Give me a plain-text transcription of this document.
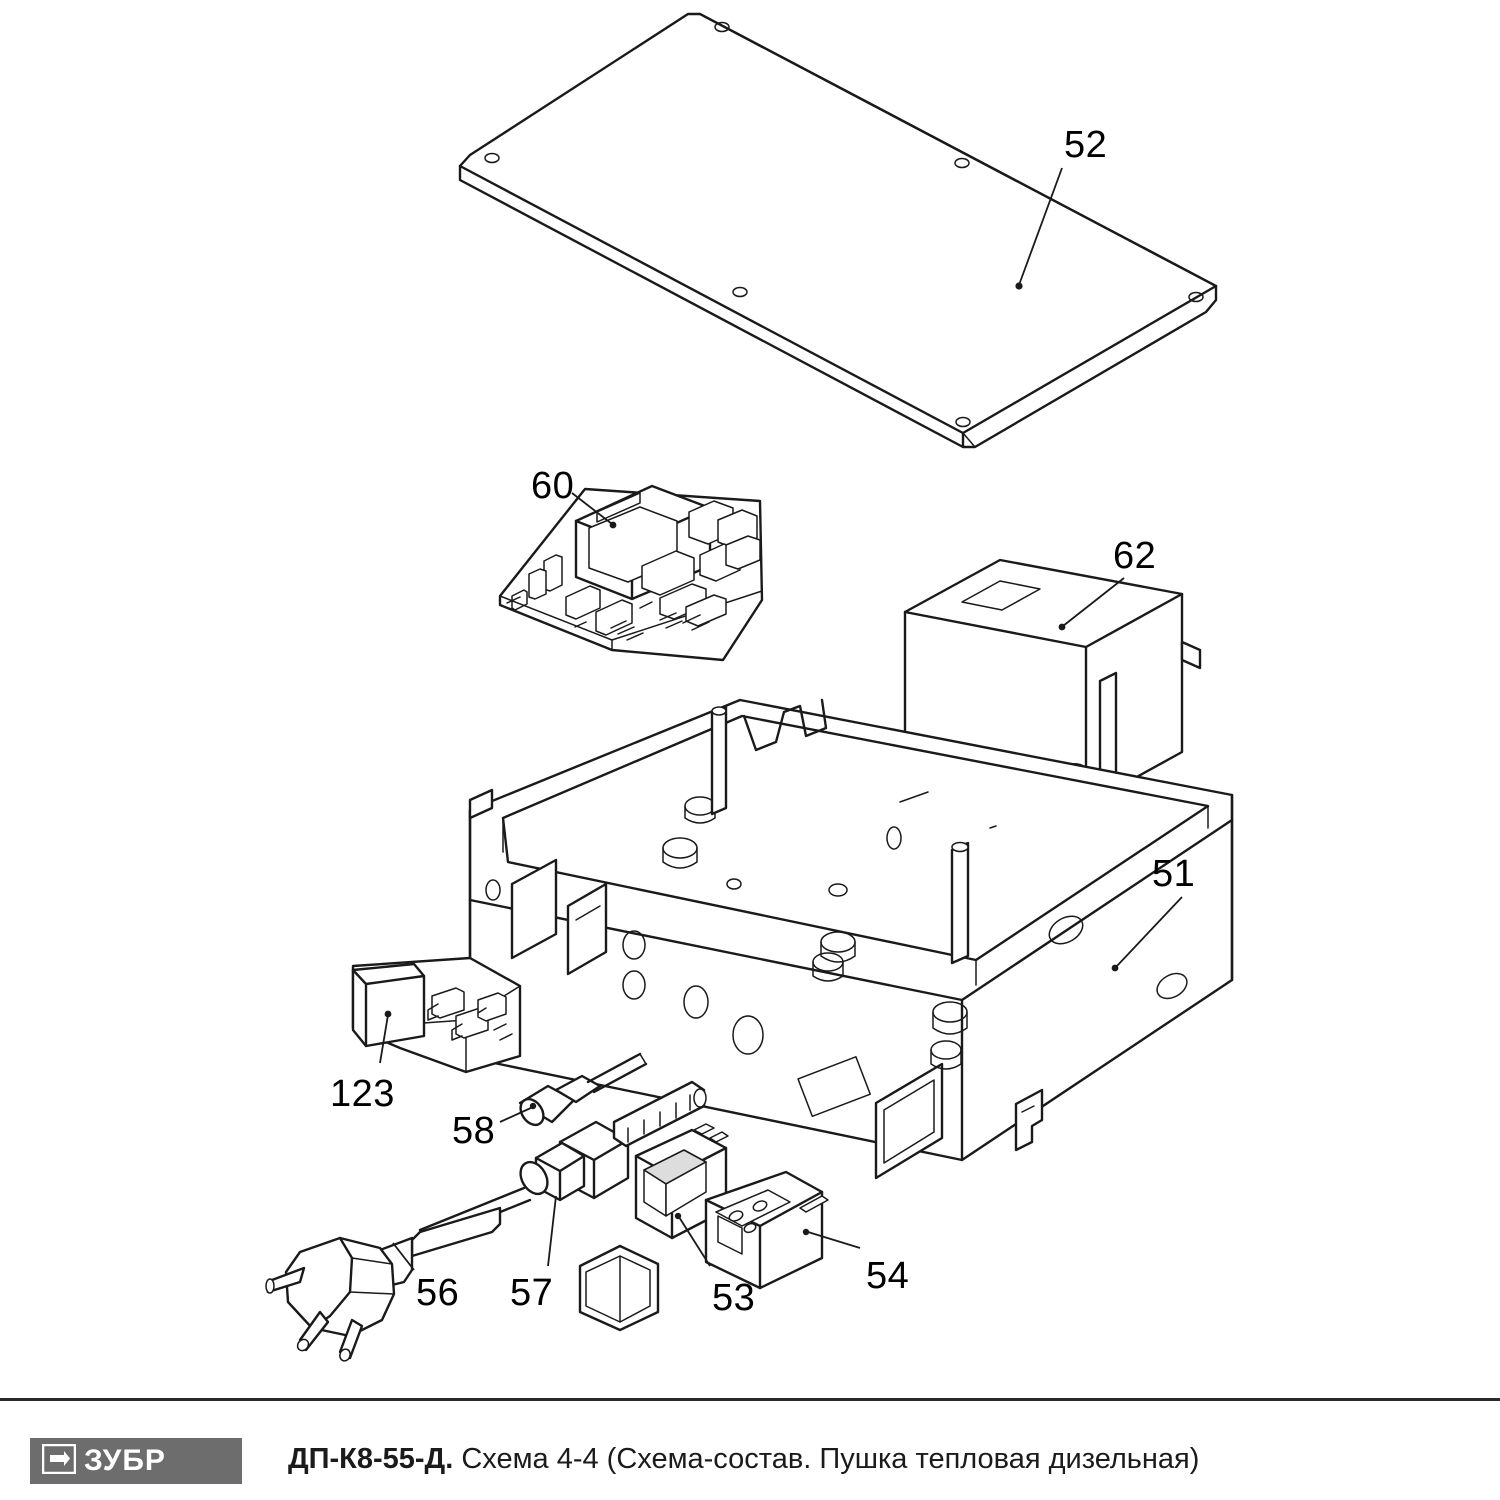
52
60
62
51
123
58
56 57	53
54
ЗУБР	ДП-К8-55-Д. Схема 4-4 (Схема-состав. Пушка тепловая дизельная)
